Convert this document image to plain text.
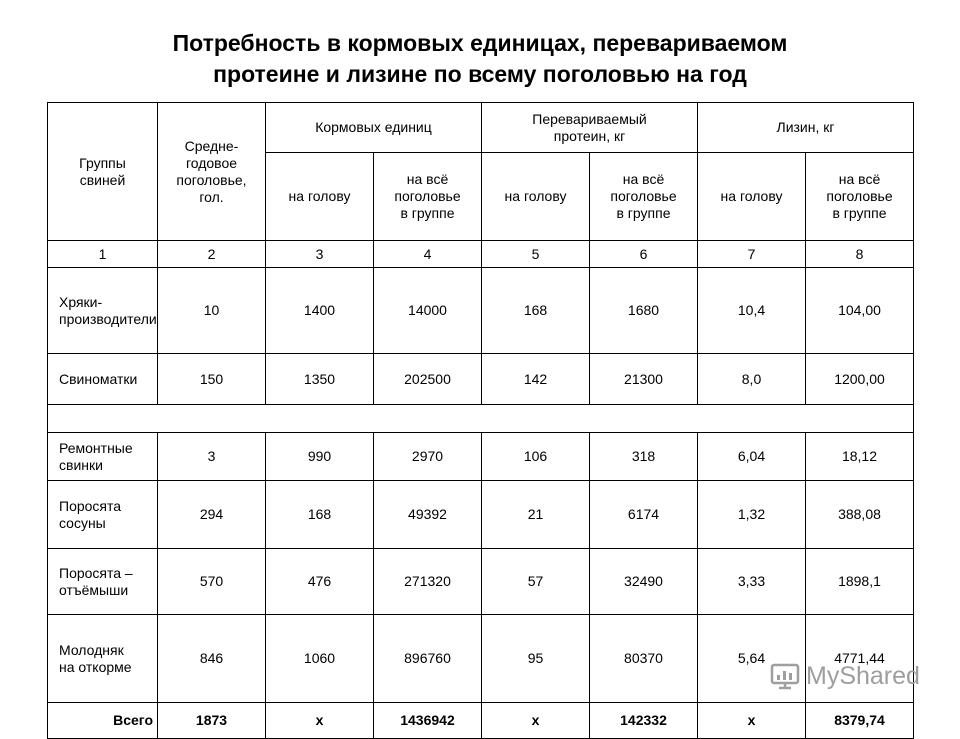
Потребность в кормовых единицах, перевариваемом
протеине и лизине по всему поголовью на год
Группы свиней	Средне-годовое поголовье, гол.	Кормовых единиц		Перевариваемый протеин, кг		Лизин, кг	
		на голову	на всё поголовье в группе	на голову	на всё поголовье в группе	на голову	на всё поголовье в группе
1	2	3	4	5	6	7	8
Хряки-производители	10	1400	14000	168	1680	10,4	104,00
Свиноматки	150	1350	202500	142	21300	8,0	1200,00

Ремонтные свинки	3	990	2970	106	318	6,04	18,12
Поросята сосуны	294	168	49392	21	6174	1,32	388,08
Поросята – отъёмыши	570	476	271320	57	32490	3,33	1898,1
Молодняк на откорме	846	1060	896760	95	80370	5,64	4771,44
Всего	1873	х	1436942	х	142332	х	8379,74
MyShared
